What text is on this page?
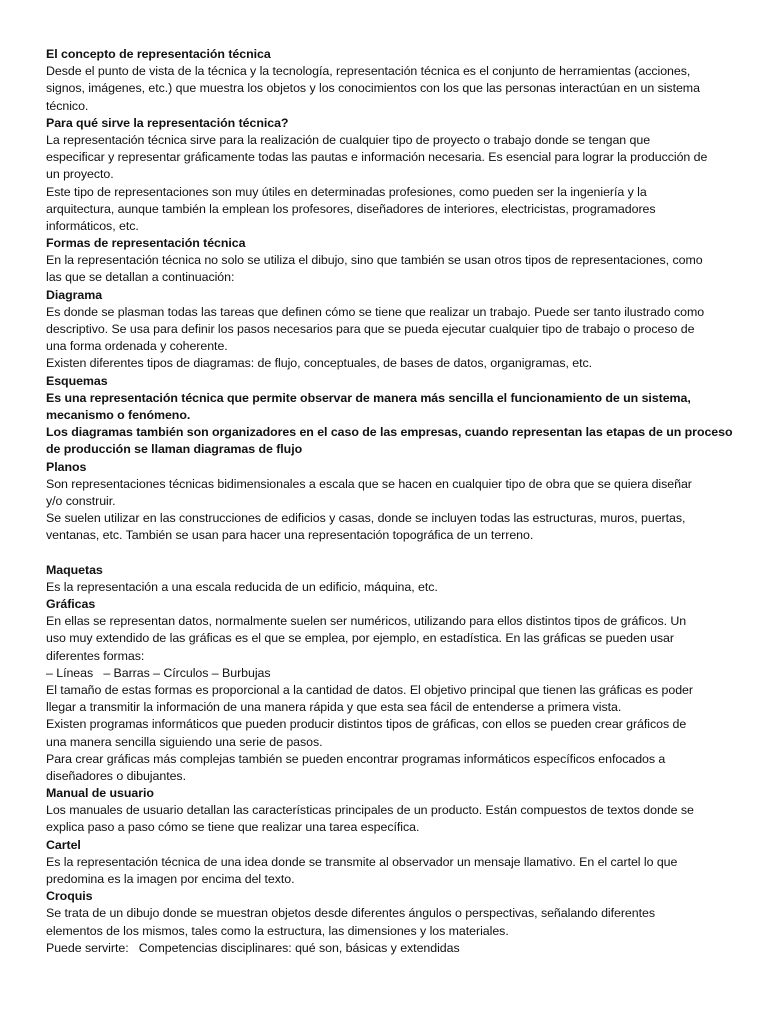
El concepto de representación técnica
Desde el punto de vista de la técnica y la tecnología, representación técnica es el conjunto de herramientas (acciones,
signos, imágenes, etc.) que muestra los objetos y los conocimientos con los que las personas interactúan en un sistema
técnico.
Para qué sirve la representación técnica?
La representación técnica sirve para la realización de cualquier tipo de proyecto o trabajo donde se tengan que
especificar y representar gráficamente todas las pautas e información necesaria. Es esencial para lograr la producción de
un proyecto.
Este tipo de representaciones son muy útiles en determinadas profesiones, como pueden ser la ingeniería y la
arquitectura, aunque también la emplean los profesores, diseñadores de interiores, electricistas, programadores
informáticos, etc.
Formas de representación técnica
En la representación técnica no solo se utiliza el dibujo, sino que también se usan otros tipos de representaciones, como
las que se detallan a continuación:
Diagrama
Es donde se plasman todas las tareas que definen cómo se tiene que realizar un trabajo. Puede ser tanto ilustrado como
descriptivo. Se usa para definir los pasos necesarios para que se pueda ejecutar cualquier tipo de trabajo o proceso de
una forma ordenada y coherente.
Existen diferentes tipos de diagramas: de flujo, conceptuales, de bases de datos, organigramas, etc.
Esquemas
Es una representación técnica que permite observar de manera más sencilla el funcionamiento de un sistema,
mecanismo o fenómeno.
Los diagramas también son organizadores en el caso de las empresas, cuando representan las etapas de un proceso
de producción se llaman diagramas de flujo
Planos
Son representaciones técnicas bidimensionales a escala que se hacen en cualquier tipo de obra que se quiera diseñar
y/o construir.
Se suelen utilizar en las construcciones de edificios y casas, donde se incluyen todas las estructuras, muros, puertas,
ventanas, etc. También se usan para hacer una representación topográfica de un terreno.
Maquetas
Es la representación a una escala reducida de un edificio, máquina, etc.
Gráficas
En ellas se representan datos, normalmente suelen ser numéricos, utilizando para ellos distintos tipos de gráficos. Un
uso muy extendido de las gráficas es el que se emplea, por ejemplo, en estadística. En las gráficas se pueden usar
diferentes formas:
– Líneas   – Barras – Círculos – Burbujas
El tamaño de estas formas es proporcional a la cantidad de datos. El objetivo principal que tienen las gráficas es poder
llegar a transmitir la información de una manera rápida y que esta sea fácil de entenderse a primera vista.
Existen programas informáticos que pueden producir distintos tipos de gráficas, con ellos se pueden crear gráficos de
una manera sencilla siguiendo una serie de pasos.
Para crear gráficas más complejas también se pueden encontrar programas informáticos específicos enfocados a
diseñadores o dibujantes.
Manual de usuario
Los manuales de usuario detallan las características principales de un producto. Están compuestos de textos donde se
explica paso a paso cómo se tiene que realizar una tarea específica.
Cartel
Es la representación técnica de una idea donde se transmite al observador un mensaje llamativo. En el cartel lo que
predomina es la imagen por encima del texto.
Croquis
Se trata de un dibujo donde se muestran objetos desde diferentes ángulos o perspectivas, señalando diferentes
elementos de los mismos, tales como la estructura, las dimensiones y los materiales.
Puede servirte:   Competencias disciplinares: qué son, básicas y extendidas
